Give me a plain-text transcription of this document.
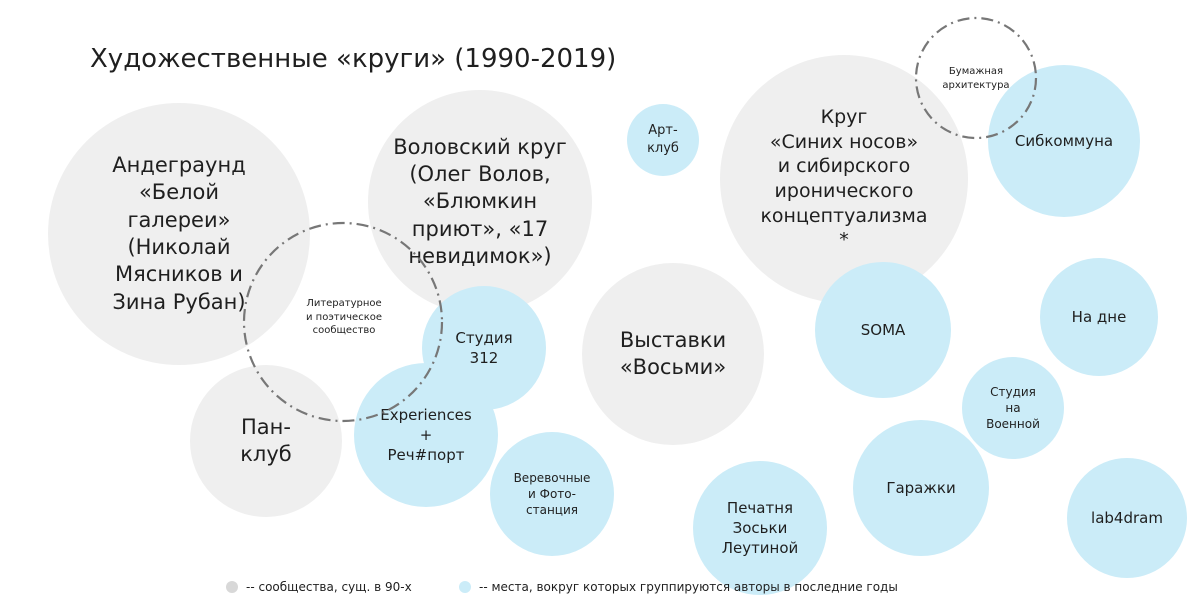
Художественные «круги» (1990-2019)
Андеграунд
«Белой
галереи»
(Николай
Мясников и
Зина Рубан)
Воловский круг
(Олег Волов,
«Блюмкин
приют», «17
невидимок»)
Круг
«Синих носов»
и сибирского
иронического
концептуализма
*
Выставки
«Восьми»
Пан-
клуб
Арт-
клуб	Сибкоммуна
SOMA
На дне
Студия
312
Experiences
+
Реч#порт
Веревочные
и Фото-
станция	Печатня
Зоськи
Леутиной
Гаражки
Студия
на
Военной
lab4dram
Литературное
и поэтическое
сообщество
Бумажная
архитектура
-- сообщества, сущ. в 90-х	-- места, вокруг которых группируются авторы в последние годы
